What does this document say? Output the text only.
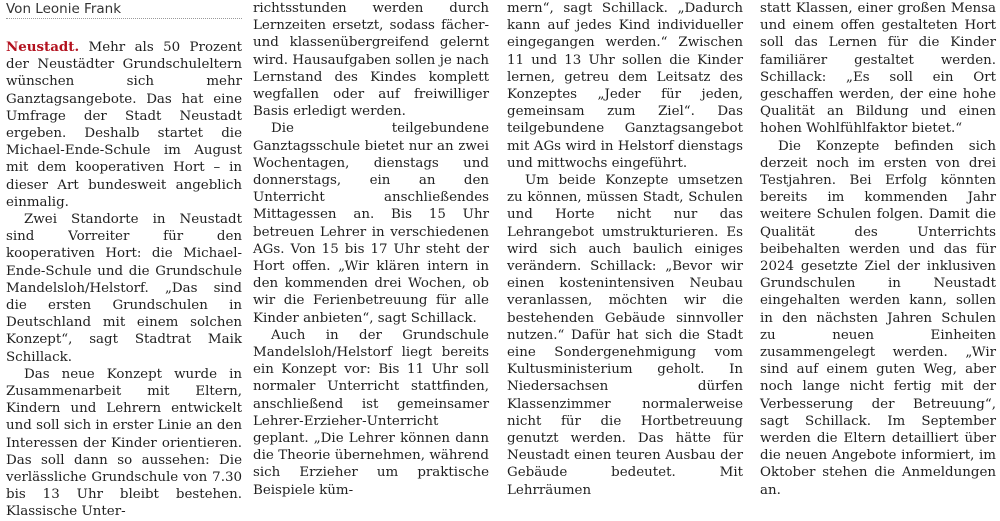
Von Leonie Frank

Neustadt. Mehr als 50 Prozent der Neustädter Grundschuleltern wünschen sich mehr Ganztagsangebote. Das hat eine Umfrage der Stadt Neustadt ergeben. Deshalb startet die Michael-Ende-Schule im August mit dem kooperativen Hort – in dieser Art bundesweit angeblich einmalig.

Zwei Standorte in Neustadt sind Vorreiter für den kooperativen Hort: die Michael-Ende-Schule und die Grundschule Mandelsloh/Helstorf. „Das sind die ersten Grundschulen in Deutschland mit einem solchen Konzept“, sagt Stadtrat Maik Schillack.

Das neue Konzept wurde in Zusammenarbeit mit Eltern, Kindern und Lehrern entwickelt und soll sich in erster Linie an den Interessen der Kinder orientieren. Das soll dann so aussehen: Die verlässliche Grundschule von 7.30 bis 13 Uhr bleibt bestehen. Klassische Unter-

richtsstunden werden durch Lernzeiten ersetzt, sodass fächer- und klassenübergreifend gelernt wird. Hausaufgaben sollen je nach Lernstand des Kindes komplett wegfallen oder auf freiwilliger Basis erledigt werden.

Die teilgebundene Ganztagsschule bietet nur an zwei Wochentagen, dienstags und donnerstags, ein an den Unterricht anschließendes Mittagessen an. Bis 15 Uhr betreuen Lehrer in verschiedenen AGs. Von 15 bis 17 Uhr steht der Hort offen. „Wir klären intern in den kommenden drei Wochen, ob wir die Ferienbetreuung für alle Kinder anbieten“, sagt Schillack.

Auch in der Grundschule Mandelsloh/Helstorf liegt bereits ein Konzept vor: Bis 11 Uhr soll normaler Unterricht stattfinden, anschließend ist gemeinsamer Lehrer-Erzieher-Unterricht geplant. „Die Lehrer können dann die Theorie übernehmen, während sich Erzieher um praktische Beispiele küm-

mern“, sagt Schillack. „Dadurch kann auf jedes Kind individueller eingegangen werden.“ Zwischen 11 und 13 Uhr sollen die Kinder lernen, getreu dem Leitsatz des Konzeptes „Jeder für jeden, gemeinsam zum Ziel“. Das teilgebundene Ganztagsangebot mit AGs wird in Helstorf dienstags und mittwochs eingeführt.

Um beide Konzepte umsetzen zu können, müssen Stadt, Schulen und Horte nicht nur das Lehrangebot umstrukturieren. Es wird sich auch baulich einiges verändern. Schillack: „Bevor wir einen kostenintensiven Neubau veranlassen, möchten wir die bestehenden Gebäude sinnvoller nutzen.“ Dafür hat sich die Stadt eine Sondergenehmigung vom Kultusministerium geholt. In Niedersachsen dürfen Klassenzimmer normalerweise nicht für die Hortbetreuung genutzt werden. Das hätte für Neustadt einen teuren Ausbau der Gebäude bedeutet. Mit Lehrräumen

statt Klassen, einer großen Mensa und einem offen gestalteten Hort soll das Lernen für die Kinder familiärer gestaltet werden. Schillack: „Es soll ein Ort geschaffen werden, der eine hohe Qualität an Bildung und einen hohen Wohlfühlfaktor bietet.“

Die Konzepte befinden sich derzeit noch im ersten von drei Testjahren. Bei Erfolg könnten bereits im kommenden Jahr weitere Schulen folgen. Damit die Qualität des Unterrichts beibehalten werden und das für 2024 gesetzte Ziel der inklusiven Grundschulen in Neustadt eingehalten werden kann, sollen in den nächsten Jahren Schulen zu neuen Einheiten zusammengelegt werden. „Wir sind auf einem guten Weg, aber noch lange nicht fertig mit der Verbesserung der Betreuung“, sagt Schillack. Im September werden die Eltern detailliert über die neuen Angebote informiert, im Oktober stehen die Anmeldungen an.
